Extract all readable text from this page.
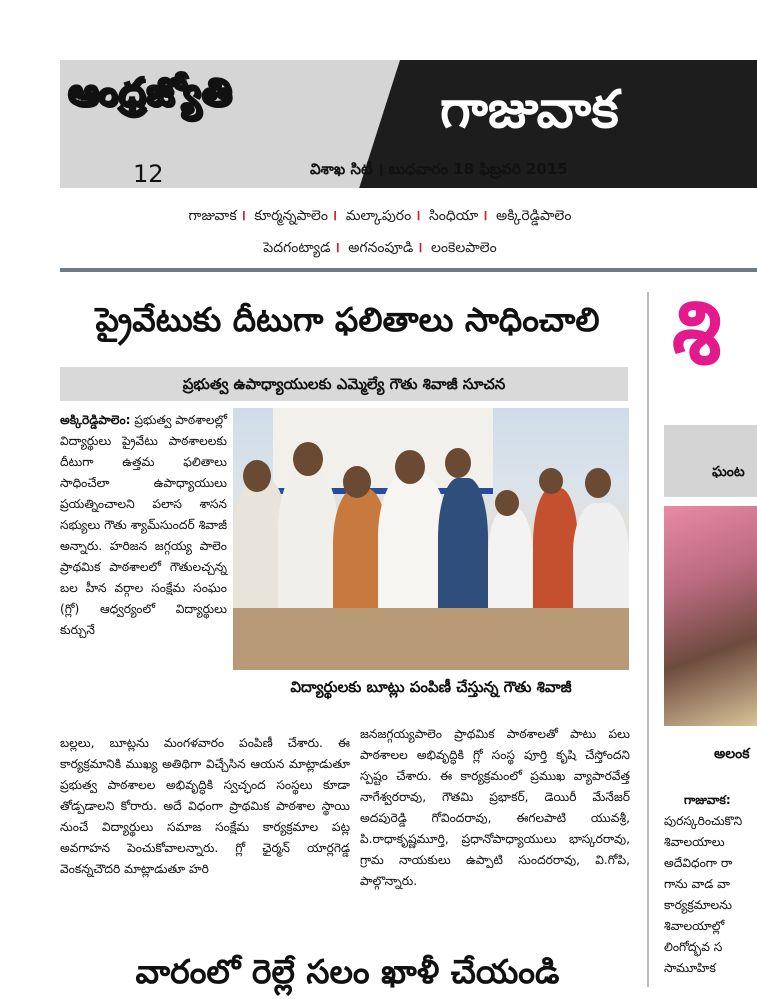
ఆంధ్రజ్యోతి
12
గాజువాక
విశాఖ సిటీ । బుధవారం 18 ఫిబ్రవరి 2015
గాజువాక । కూర్మన్నపాలెం । మల్కాపురం । సింధియా । అక్కిరెడ్డిపాలెం
పెదగంట్యాడ । అగనంపూడి । లంకెలపాలెం
ప్రైవేటుకు దీటుగా ఫలితాలు సాధించాలి
ప్రభుత్వ ఉపాధ్యాయులకు ఎమ్మెల్యే గౌతు శివాజీ సూచన
అక్కిరెడ్డిపాలెం: ప్రభుత్వ పాఠశాలల్లో విద్యార్థులు ప్రైవేటు పాఠశాలలకు దీటుగా ఉత్తమ ఫలితాలు సాధించేలా ఉపాధ్యాయులు ప్రయత్నించాలని పలాస శాసన సభ్యులు గౌతు శ్యామ్‌సుందర్ శివాజీ అన్నారు. హరిజన జగ్గయ్య పాలెం ప్రాథమిక పాఠశాలలో గౌతులచ్చన్న బల హీన వర్గాల సంక్షేమ సంఘం (గ్లో) ఆధ్వర్యంలో విద్యార్థులు కుర్చునే
విద్యార్థులకు బూట్లు పంపిణీ చేస్తున్న గౌతు శివాజీ
బల్లలు, బూట్లను మంగళవారం పంపిణీ చేశారు. ఈ కార్యక్రమానికి ముఖ్య అతిథిగా విచ్చేసిన ఆయన మాట్లాడుతూ ప్రభుత్వ పాఠశాలల అభివృద్ధికి స్వచ్ఛంద సంస్థలు కూడా తోడ్పడాలని కోరారు. అదే విధంగా ప్రాథమిక పాఠశాల స్థాయి నుంచే విద్యార్థులు సమాజ సంక్షేమ కార్యక్రమాల పట్ల అవగాహన పెంచుకోవాలన్నారు. గ్లో ఛైర్మన్ యార్లగెడ్డ వెంకన్నచౌదరి మాట్లాడుతూ హరి
జనజగ్గయ్యపాలెం ప్రాథమిక పాఠశాలతో పాటు పలు పాఠశాలల అభివృద్ధికి గ్లో సంస్థ పూర్తి కృషి చేస్తోందని స్పష్టం చేశారు. ఈ కార్యక్రమంలో ప్రముఖ వ్యాపారవేత్త నాగేశ్వరరావు, గౌతమి ప్రభాకర్, డెయిరీ మేనేజర్ అదపురెడ్డి గోవిందరావు, ఈగలపాటి యువశ్రీ, పి.రాధాకృష్ణమూర్తి, ప్రధానోపాధ్యాయులు భాస్కరరావు, గ్రామ నాయకులు ఉప్పాటి సుందరరావు, వి.గోపి, పాల్గొన్నారు.
వారంలో రెల్లే సలం ఖాళీ చేయండి
శి
ఘంట
అలంక
గాజువాక:
పురస్కరించుకొని
శివాలయాలు
అదేవిధంగా రా
గాను వాడ వా
కార్యక్రమాలను
శివాలయాల్లో
లింగోద్భవ స
సామూహిక
